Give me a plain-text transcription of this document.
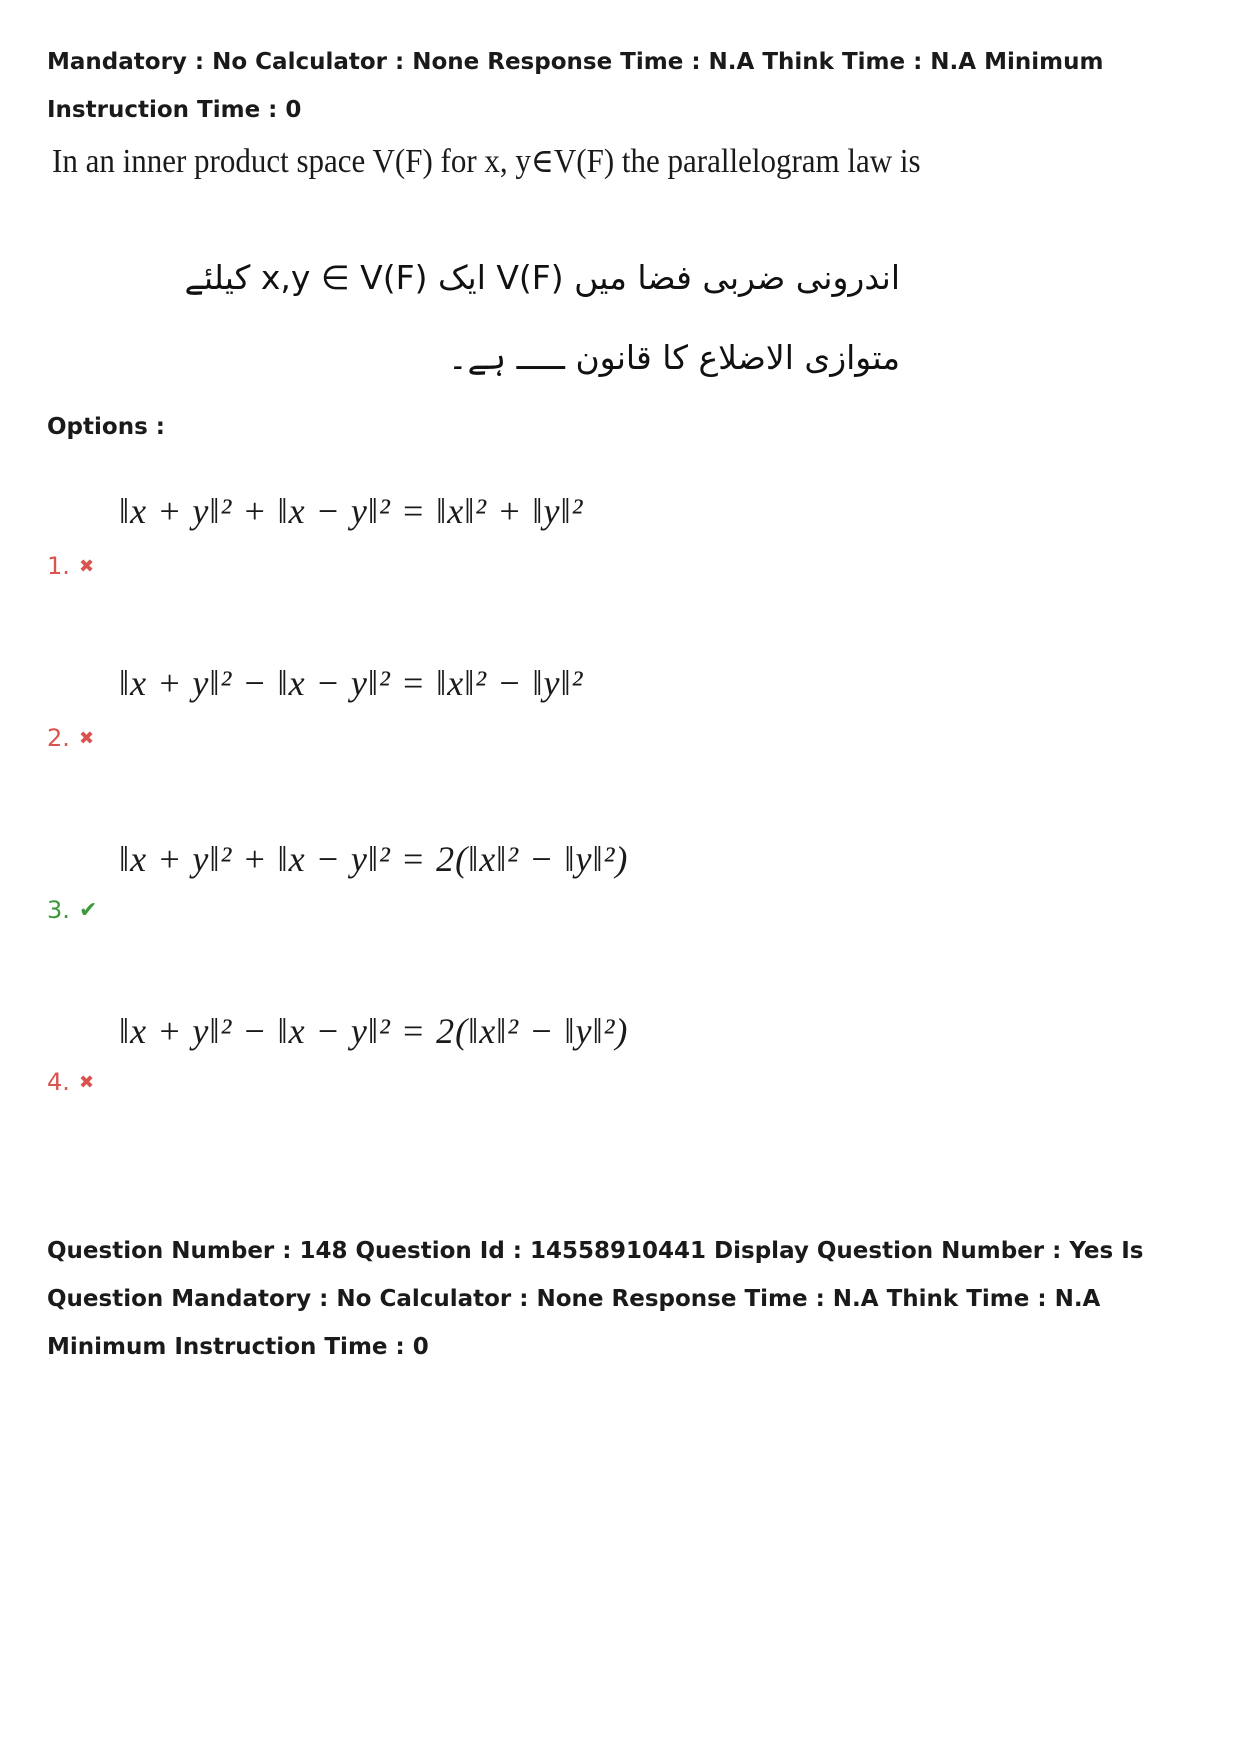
Mandatory : No Calculator : None Response Time : N.A Think Time : N.A Minimum Instruction Time : 0
In an inner product space V(F) for x, y∈V(F) the parallelogram law is
اندرونی ضربی فضا میں V(F) ایک x,y ∈ V(F) کیلئے
متوازی الاضلاع کا قانون ـــــ ہے۔
Options :
1. ✖
‖x + y‖² + ‖x − y‖² = ‖x‖² + ‖y‖²
2. ✖
‖x + y‖² − ‖x − y‖² = ‖x‖² − ‖y‖²
3. ✔
‖x + y‖² + ‖x − y‖² = 2(‖x‖² − ‖y‖²)
4. ✖
‖x + y‖² − ‖x − y‖² = 2(‖x‖² − ‖y‖²)
Question Number : 148 Question Id : 14558910441 Display Question Number : Yes Is Question Mandatory : No Calculator : None Response Time : N.A Think Time : N.A Minimum Instruction Time : 0
